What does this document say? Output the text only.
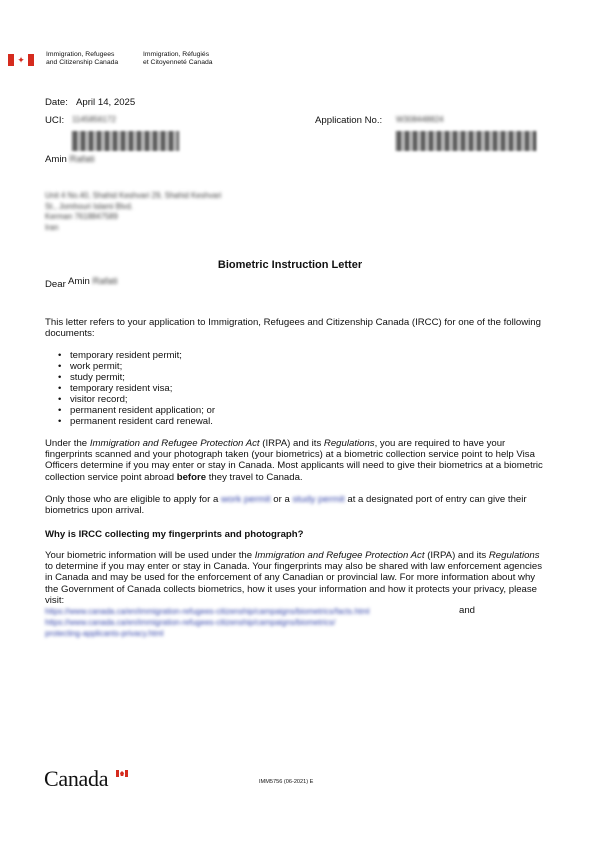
✦
Immigration, Refugees
and Citizenship Canada
Immigration, Réfugiés
et Citoyenneté Canada
Date: April 14, 2025
UCI: 1145856172	Application No.: W308448824
Amin Rafati
Unit 4 No.40, Shahid Keshvari 29, Shahid Keshvari
St., Jomhouri Islami Blvd.
Kerman 7618847589
Iran
Biometric Instruction Letter
Dear Amin Rafati
This letter refers to your application to Immigration, Refugees and Citizenship Canada (IRCC) for one of the following documents:
• temporary resident permit;
• work permit;
• study permit;
• temporary resident visa;
• visitor record;
• permanent resident application; or
• permanent resident card renewal.
Under the Immigration and Refugee Protection Act (IRPA) and its Regulations, you are required to have your fingerprints scanned and your photograph taken (your biometrics) at a biometric collection service point to help Visa Officers determine if you may enter or stay in Canada. Most applicants will need to give their biometrics at a biometric collection service point abroad before they travel to Canada.
Only those who are eligible to apply for a work permit or a study permit at a designated port of entry can give their biometrics upon arrival.
Why is IRCC collecting my fingerprints and photograph?
Your biometric information will be used under the Immigration and Refugee Protection Act (IRPA) and its Regulations to determine if you may enter or stay in Canada. Your fingerprints may also be shared with law enforcement agencies in Canada and may be used for the enforcement of any Canadian or provincial law. For more information about why the Government of Canada collects biometrics, how it uses your information and how it protects your privacy, please visit:
https://www.canada.ca/en/immigration-refugees-citizenship/campaigns/biometrics/facts.html	and
https://www.canada.ca/en/immigration-refugees-citizenship/campaigns/biometrics/
protecting-applicants-privacy.html
Canada	IMM5756 (06-2021) E
